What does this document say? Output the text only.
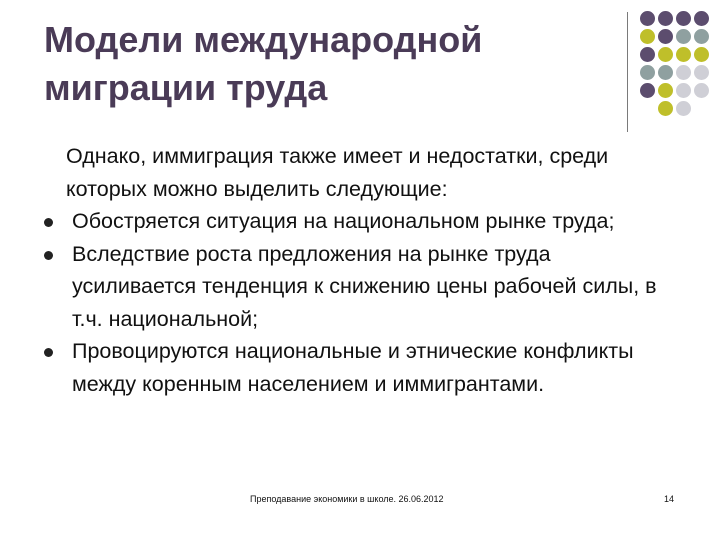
Модели международной миграции труда

Однако, иммиграция также имеет и недостатки, среди которых можно выделить следующие:

Обостряется ситуация на национальном рынке труда;
Вследствие роста предложения на рынке труда усиливается тенденция к снижению цены рабочей силы, в т.ч. национальной;
Провоцируются национальные и этнические конфликты между коренным населением и иммигрантами.
Преподавание экономики в школе. 26.06.2012	14
